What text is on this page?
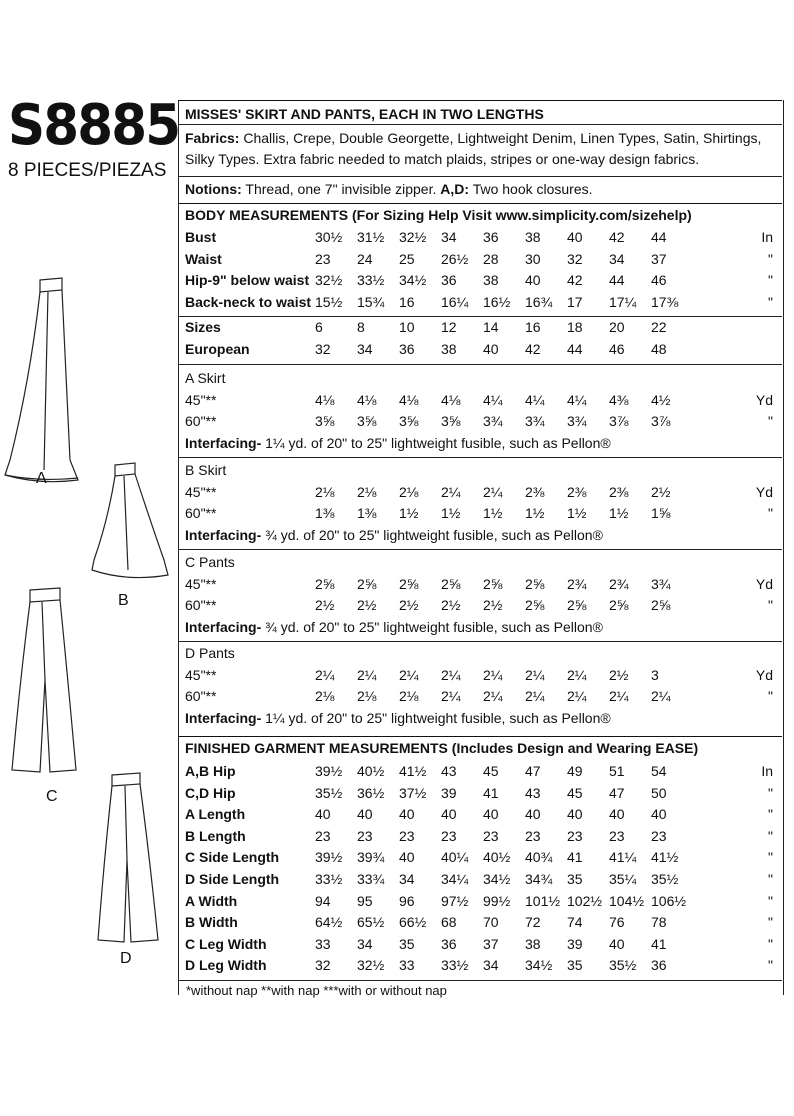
S8885
8 PIECES/PIEZAS
A
B
C
D
MISSES' SKIRT AND PANTS, EACH IN TWO LENGTHS
Fabrics: Challis, Crepe, Double Georgette, Lightweight Denim, Linen Types, Satin, Shirtings,
Silky Types. Extra fabric needed to match plaids, stripes or one-way design fabrics.
Notions: Thread, one 7" invisible zipper. A,D: Two hook closures.
BODY MEASUREMENTS (For Sizing Help Visit www.simplicity.com/sizehelp)
Bust	30½ 31½ 32½ 34 36 38 40 42 44	In
Waist	23 24 25 26½ 28 30 32 34 37	"
Hip-9" below waist 32½ 33½ 34½ 36 38 40 42 44 46	"
Back-neck to waist 15½ 15¾ 16 16¼ 16½ 16¾ 17 17¼ 17⅜	"
Sizes	6 8 10 12 14 16 18 20 22
European	32 34 36 38 40 42 44 46 48
A Skirt
45"**	4⅛ 4⅛ 4⅛ 4⅛ 4¼ 4¼ 4¼ 4⅜ 4½	Yd
60"**	3⅝ 3⅝ 3⅝ 3⅝ 3¾ 3¾ 3¾ 3⅞ 3⅞	"
Interfacing- 1¼ yd. of 20" to 25" lightweight fusible, such as Pellon®
B Skirt
45"**	2⅛ 2⅛ 2⅛ 2¼ 2¼ 2⅜ 2⅜ 2⅜ 2½	Yd
60"**	1⅜ 1⅜ 1½ 1½ 1½ 1½ 1½ 1½ 1⅝	"
Interfacing- ¾ yd. of 20" to 25" lightweight fusible, such as Pellon®
C Pants
45"**	2⅝ 2⅝ 2⅝ 2⅝ 2⅝ 2⅝ 2¾ 2¾ 3¾	Yd
60"**	2½ 2½ 2½ 2½ 2½ 2⅝ 2⅝ 2⅝ 2⅝	"
Interfacing- ¾ yd. of 20" to 25" lightweight fusible, such as Pellon®
D Pants
45"**	2¼ 2¼ 2¼ 2¼ 2¼ 2¼ 2¼ 2½ 3	Yd
60"**	2⅛ 2⅛ 2⅛ 2¼ 2¼ 2¼ 2¼ 2¼ 2¼	"
Interfacing- 1¼ yd. of 20" to 25" lightweight fusible, such as Pellon®
FINISHED GARMENT MEASUREMENTS (Includes Design and Wearing EASE)
A,B Hip	39½ 40½ 41½ 43 45 47 49 51 54	In
C,D Hip	35½ 36½ 37½ 39 41 43 45 47 50	"
A Length	40 40 40 40 40 40 40 40 40	"
B Length	23 23 23 23 23 23 23 23 23	"
C Side Length	39½ 39¾ 40 40¼ 40½ 40¾ 41 41¼ 41½	"
D Side Length	33½ 33¾ 34 34¼ 34½ 34¾ 35 35¼ 35½	"
A Width	94 95 96 97½ 99½ 101½ 102½ 104½ 106½	"
B Width	64½ 65½ 66½ 68 70 72 74 76 78	"
C Leg Width	33 34 35 36 37 38 39 40 41	"
D Leg Width	32 32½ 33 33½ 34 34½ 35 35½ 36	"
*without nap **with nap ***with or without nap
